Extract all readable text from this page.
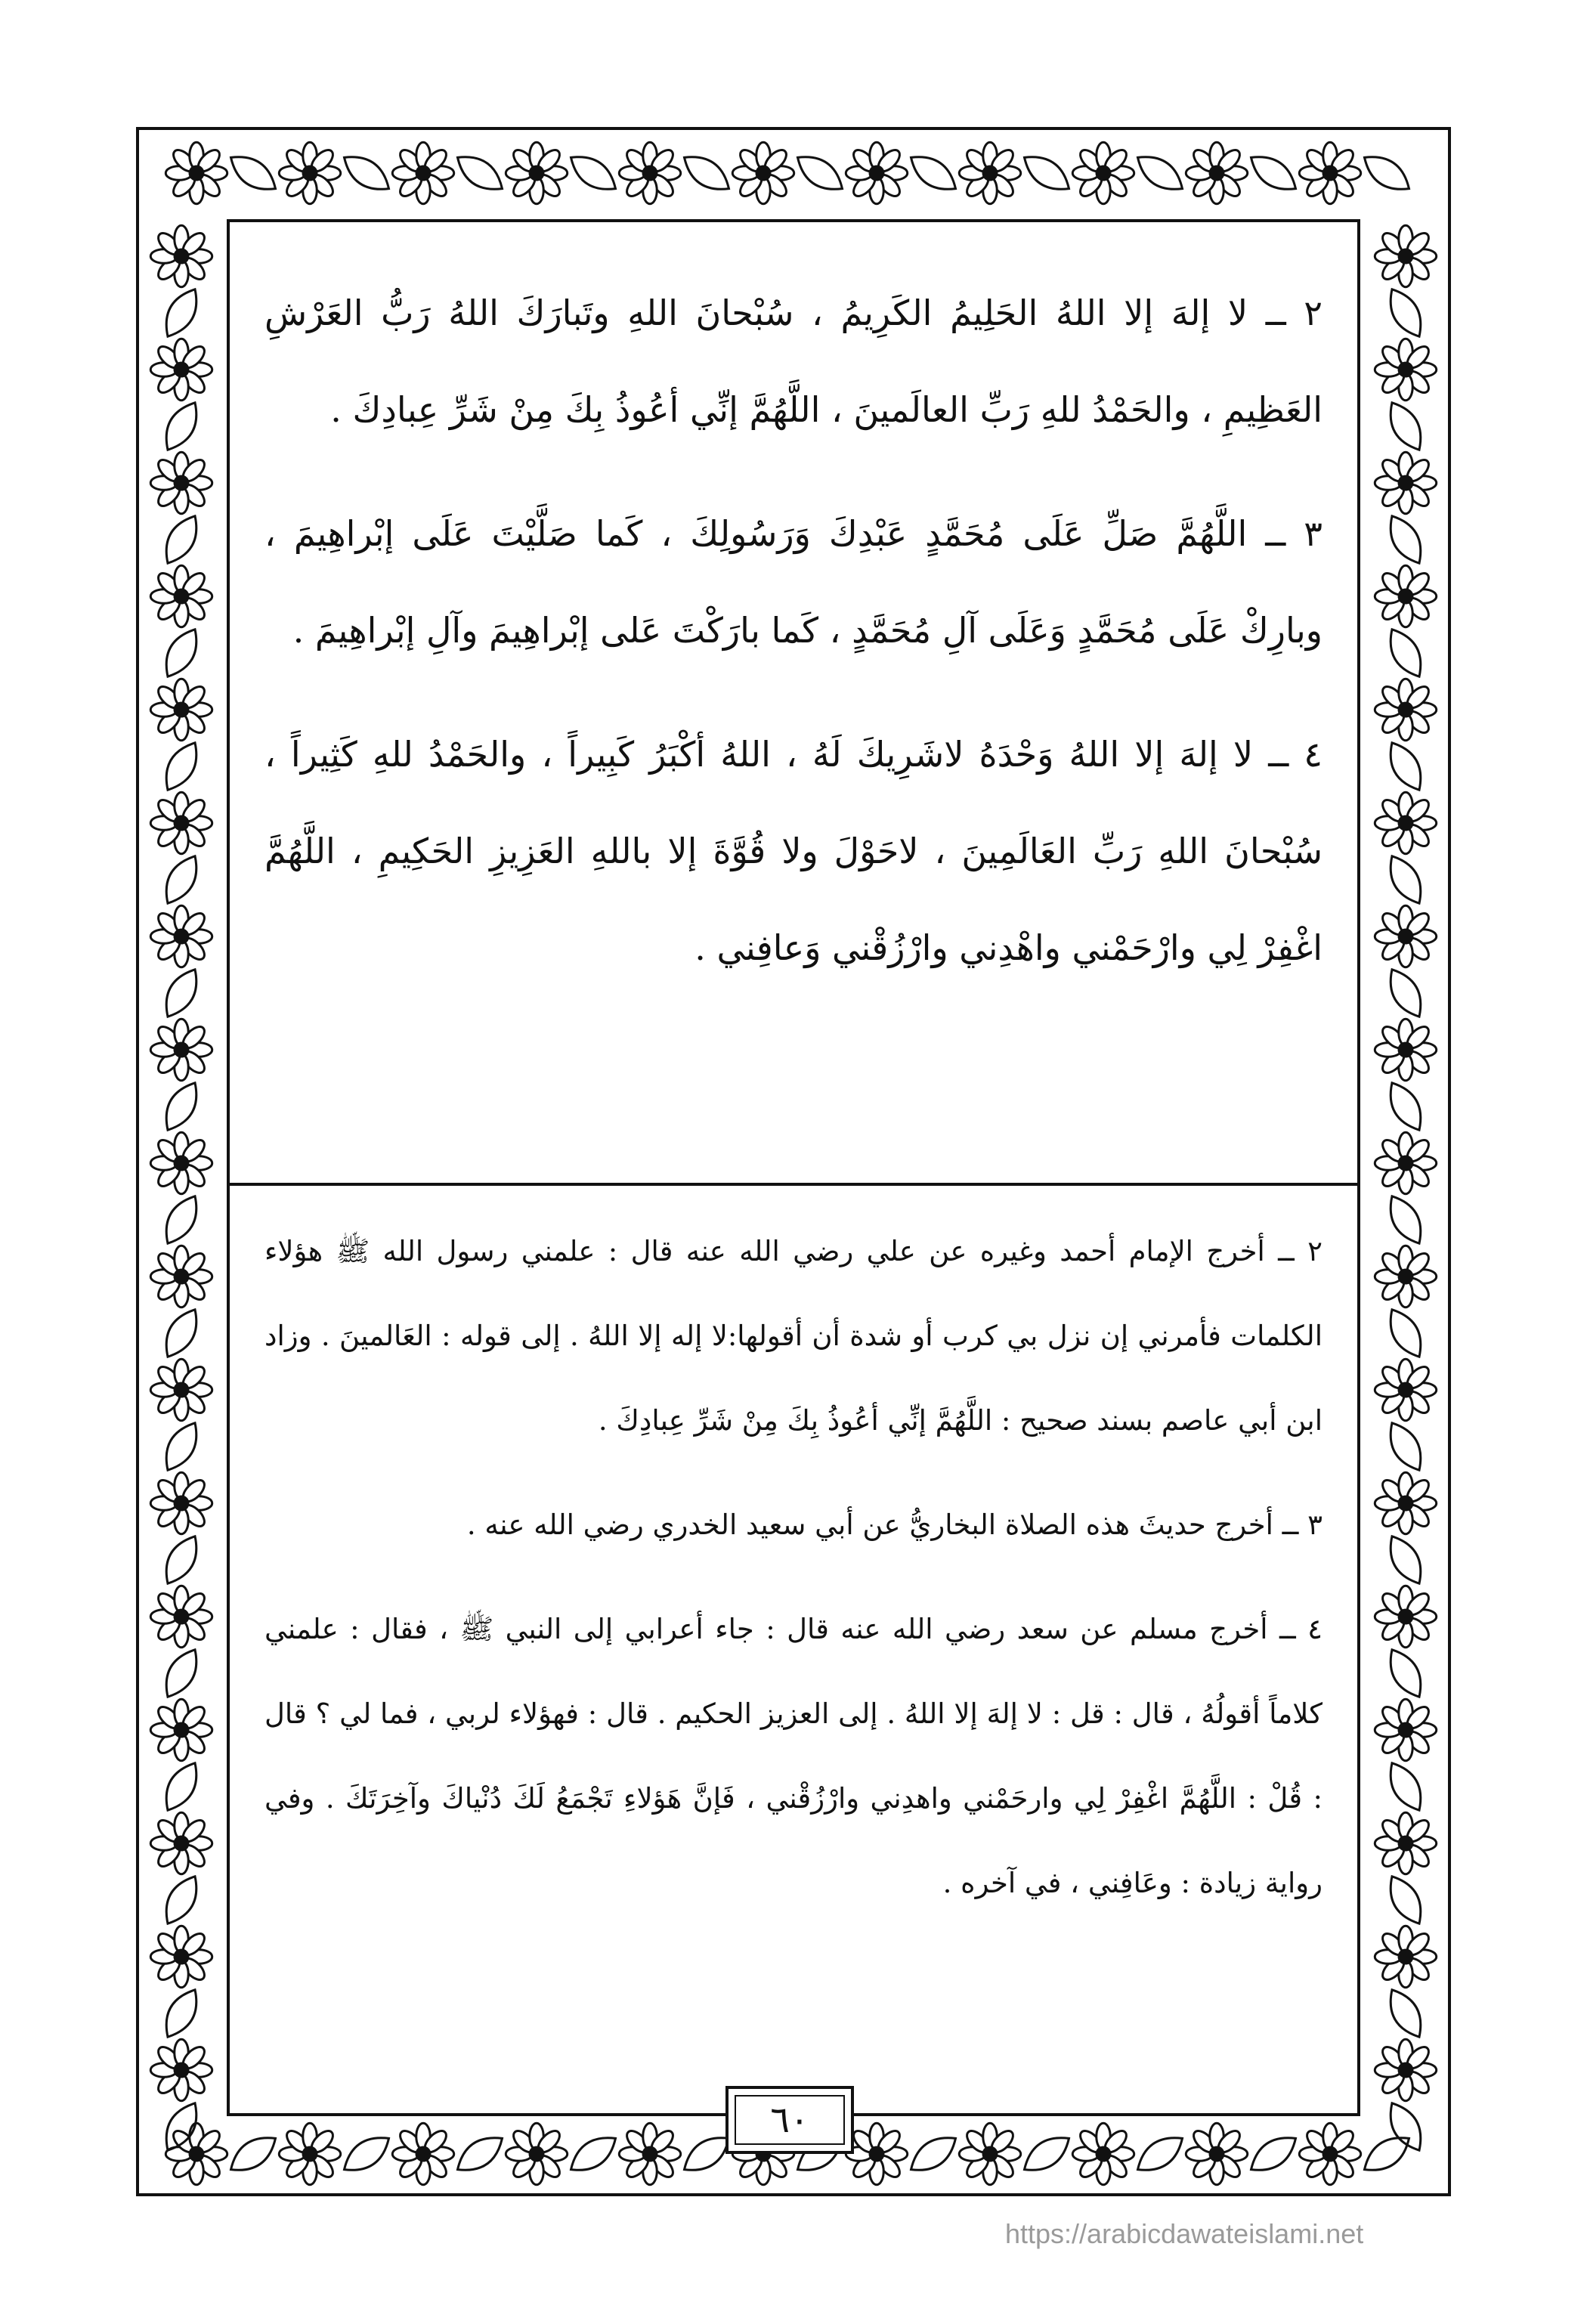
٢ ــ لا إلهَ إلا اللهُ الحَلِيمُ الكَرِيمُ ، سُبْحانَ اللهِ وتَبارَكَ اللهُ رَبُّ العَرْشِ العَظِيمِ ، والحَمْدُ للهِ رَبِّ العالَمينَ ، اللَّهُمَّ إنِّي أعُوذُ بِكَ مِنْ شَرِّ عِبادِكَ .

٣ ــ اللَّهُمَّ صَلِّ عَلَى مُحَمَّدٍ عَبْدِكَ وَرَسُولِكَ ، كَما صَلَّيْتَ عَلَى إبْراهِيمَ ، وبارِكْ عَلَى مُحَمَّدٍ وَعَلَى آلِ مُحَمَّدٍ ، كَما بارَكْتَ عَلى إبْراهِيمَ وآلِ إبْراهِيمَ .

٤ ــ لا إلهَ إلا اللهُ وَحْدَهُ لاشَرِيكَ لَهُ ، اللهُ أكْبَرُ كَبِيراً ، والحَمْدُ للهِ كَثِيراً ، سُبْحانَ اللهِ رَبِّ العَالَمِينَ ، لاحَوْلَ ولا قُوَّةَ إلا باللهِ العَزِيزِ الحَكِيمِ ، اللَّهُمَّ اغْفِرْ لِي وارْحَمْني واهْدِني وارْزُقْني وَعافِني .

٢ ــ أخرج الإمام أحمد وغيره عن علي رضي الله عنه قال : علمني رسول الله ﷺ هؤلاء الكلمات فأمرني إن نزل بي كرب أو شدة أن أقولها:لا إله إلا اللهُ . إلى قوله : العَالمينَ . وزاد ابن أبي عاصم بسند صحيح : اللَّهُمَّ إنِّي أعُوذُ بِكَ مِنْ شَرِّ عِبادِكَ .

٣ ــ أخرج حديثَ هذه الصلاة البخاريُّ عن أبي سعيد الخدري رضي الله عنه .

٤ ــ أخرج مسلم عن سعد رضي الله عنه قال : جاء أعرابي إلى النبي ﷺ ، فقال : علمني كلاماً أقولُهُ ، قال : قل : لا إلهَ إلا اللهُ . إلى العزيز الحكيم . قال : فهؤلاء لربي ، فما لي ؟ قال : قُلْ : اللَّهُمَّ اغْفِرْ لِي وارحَمْني واهدِني وارْزُقْني ، فَإنَّ هَؤلاءِ تَجْمَعُ لَكَ دُنْياكَ وآخِرَتَكَ . وفي رواية زيادة : وعَافِني ، في آخره .

٦٠
https://arabicdawateislami.net
